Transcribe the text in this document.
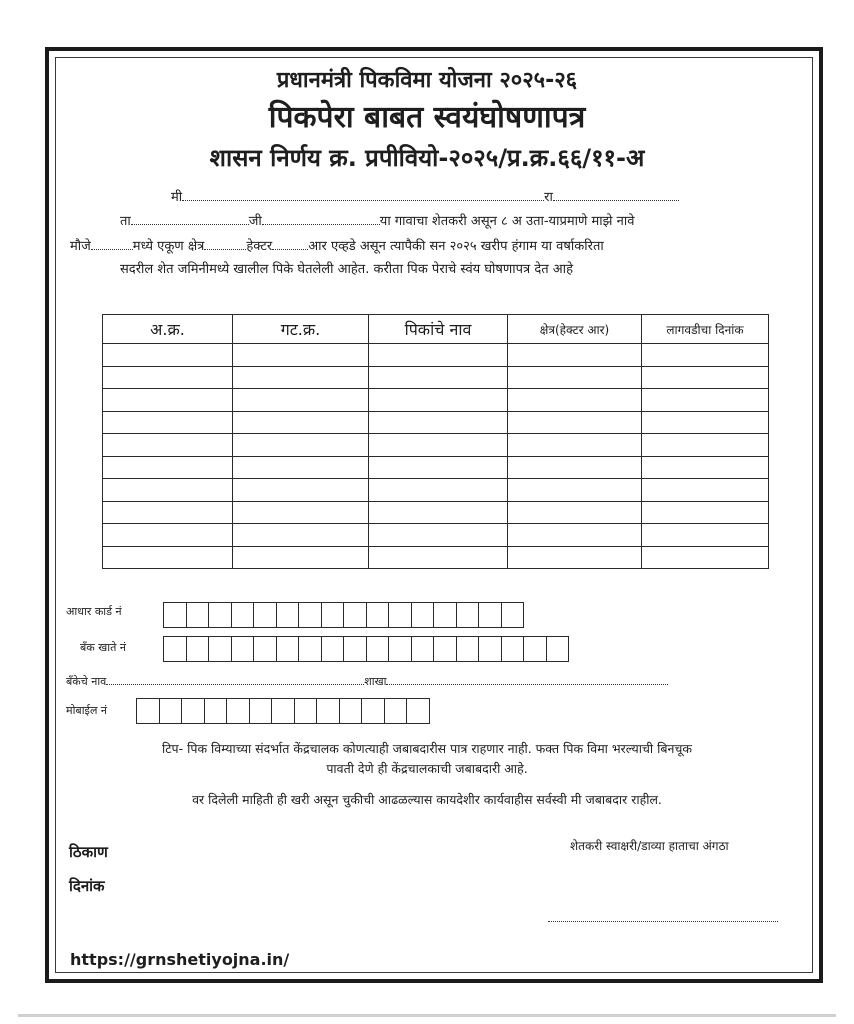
प्रधानमंत्री पिकविमा योजना २०२५-२६
पिकपेरा बाबत स्वयंघोषणापत्र
शासन निर्णय क्र. प्रपीवियो-२०२५/प्र.क्र.६६/११-अ
मी	रा
ता	जी	या गावाचा शेतकरी असून ८ अ उता-याप्रमाणे माझे नावे
मौजे	मध्ये एकूण क्षेत्र	हेक्टर	आर एव्हडे असून त्यापैकी सन २०२५ खरीप हंगाम या वर्षाकरिता
सदरील शेत जमिनीमध्ये खालील पिके घेतलेली आहेत. करीता पिक पेराचे स्वंय घोषणापत्र देत आहे
अ.क्र.	गट.क्र.	पिकांचे नाव	क्षेत्र(हेक्टर आर)	लागवडीचा दिनांक

आधार कार्ड नं
बँक खाते नं
बँकेचे नाव	शाखा
मोबाईल नं
टिप- पिक विम्याच्या संदर्भात केंद्रचालक कोणत्याही जबाबदारीस पात्र राहणार नाही. फक्त पिक विमा भरल्याची बिनचूक
पावती देणे ही केंद्रचालकाची जबाबदारी आहे.
वर दिलेली माहिती ही खरी असून चुकीची आढळल्यास कायदेशीर कार्यवाहीस सर्वस्वी मी जबाबदार राहील.
ठिकाण
दिनांक
शेतकरी स्वाक्षरी/डाव्या हाताचा अंगठा
https://grnshetiyojna.in/
